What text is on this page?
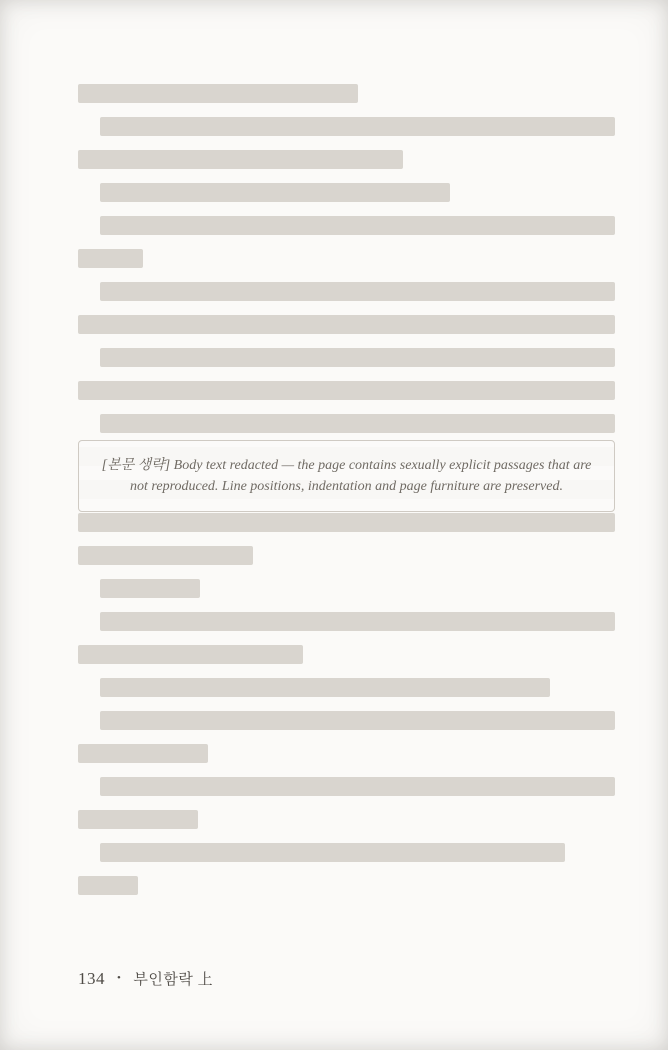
[본문 생략] Body text redacted — the page contains sexually explicit passages that are not reproduced. Line positions, indentation and page furniture are preserved.
134 • 부인함락 上
